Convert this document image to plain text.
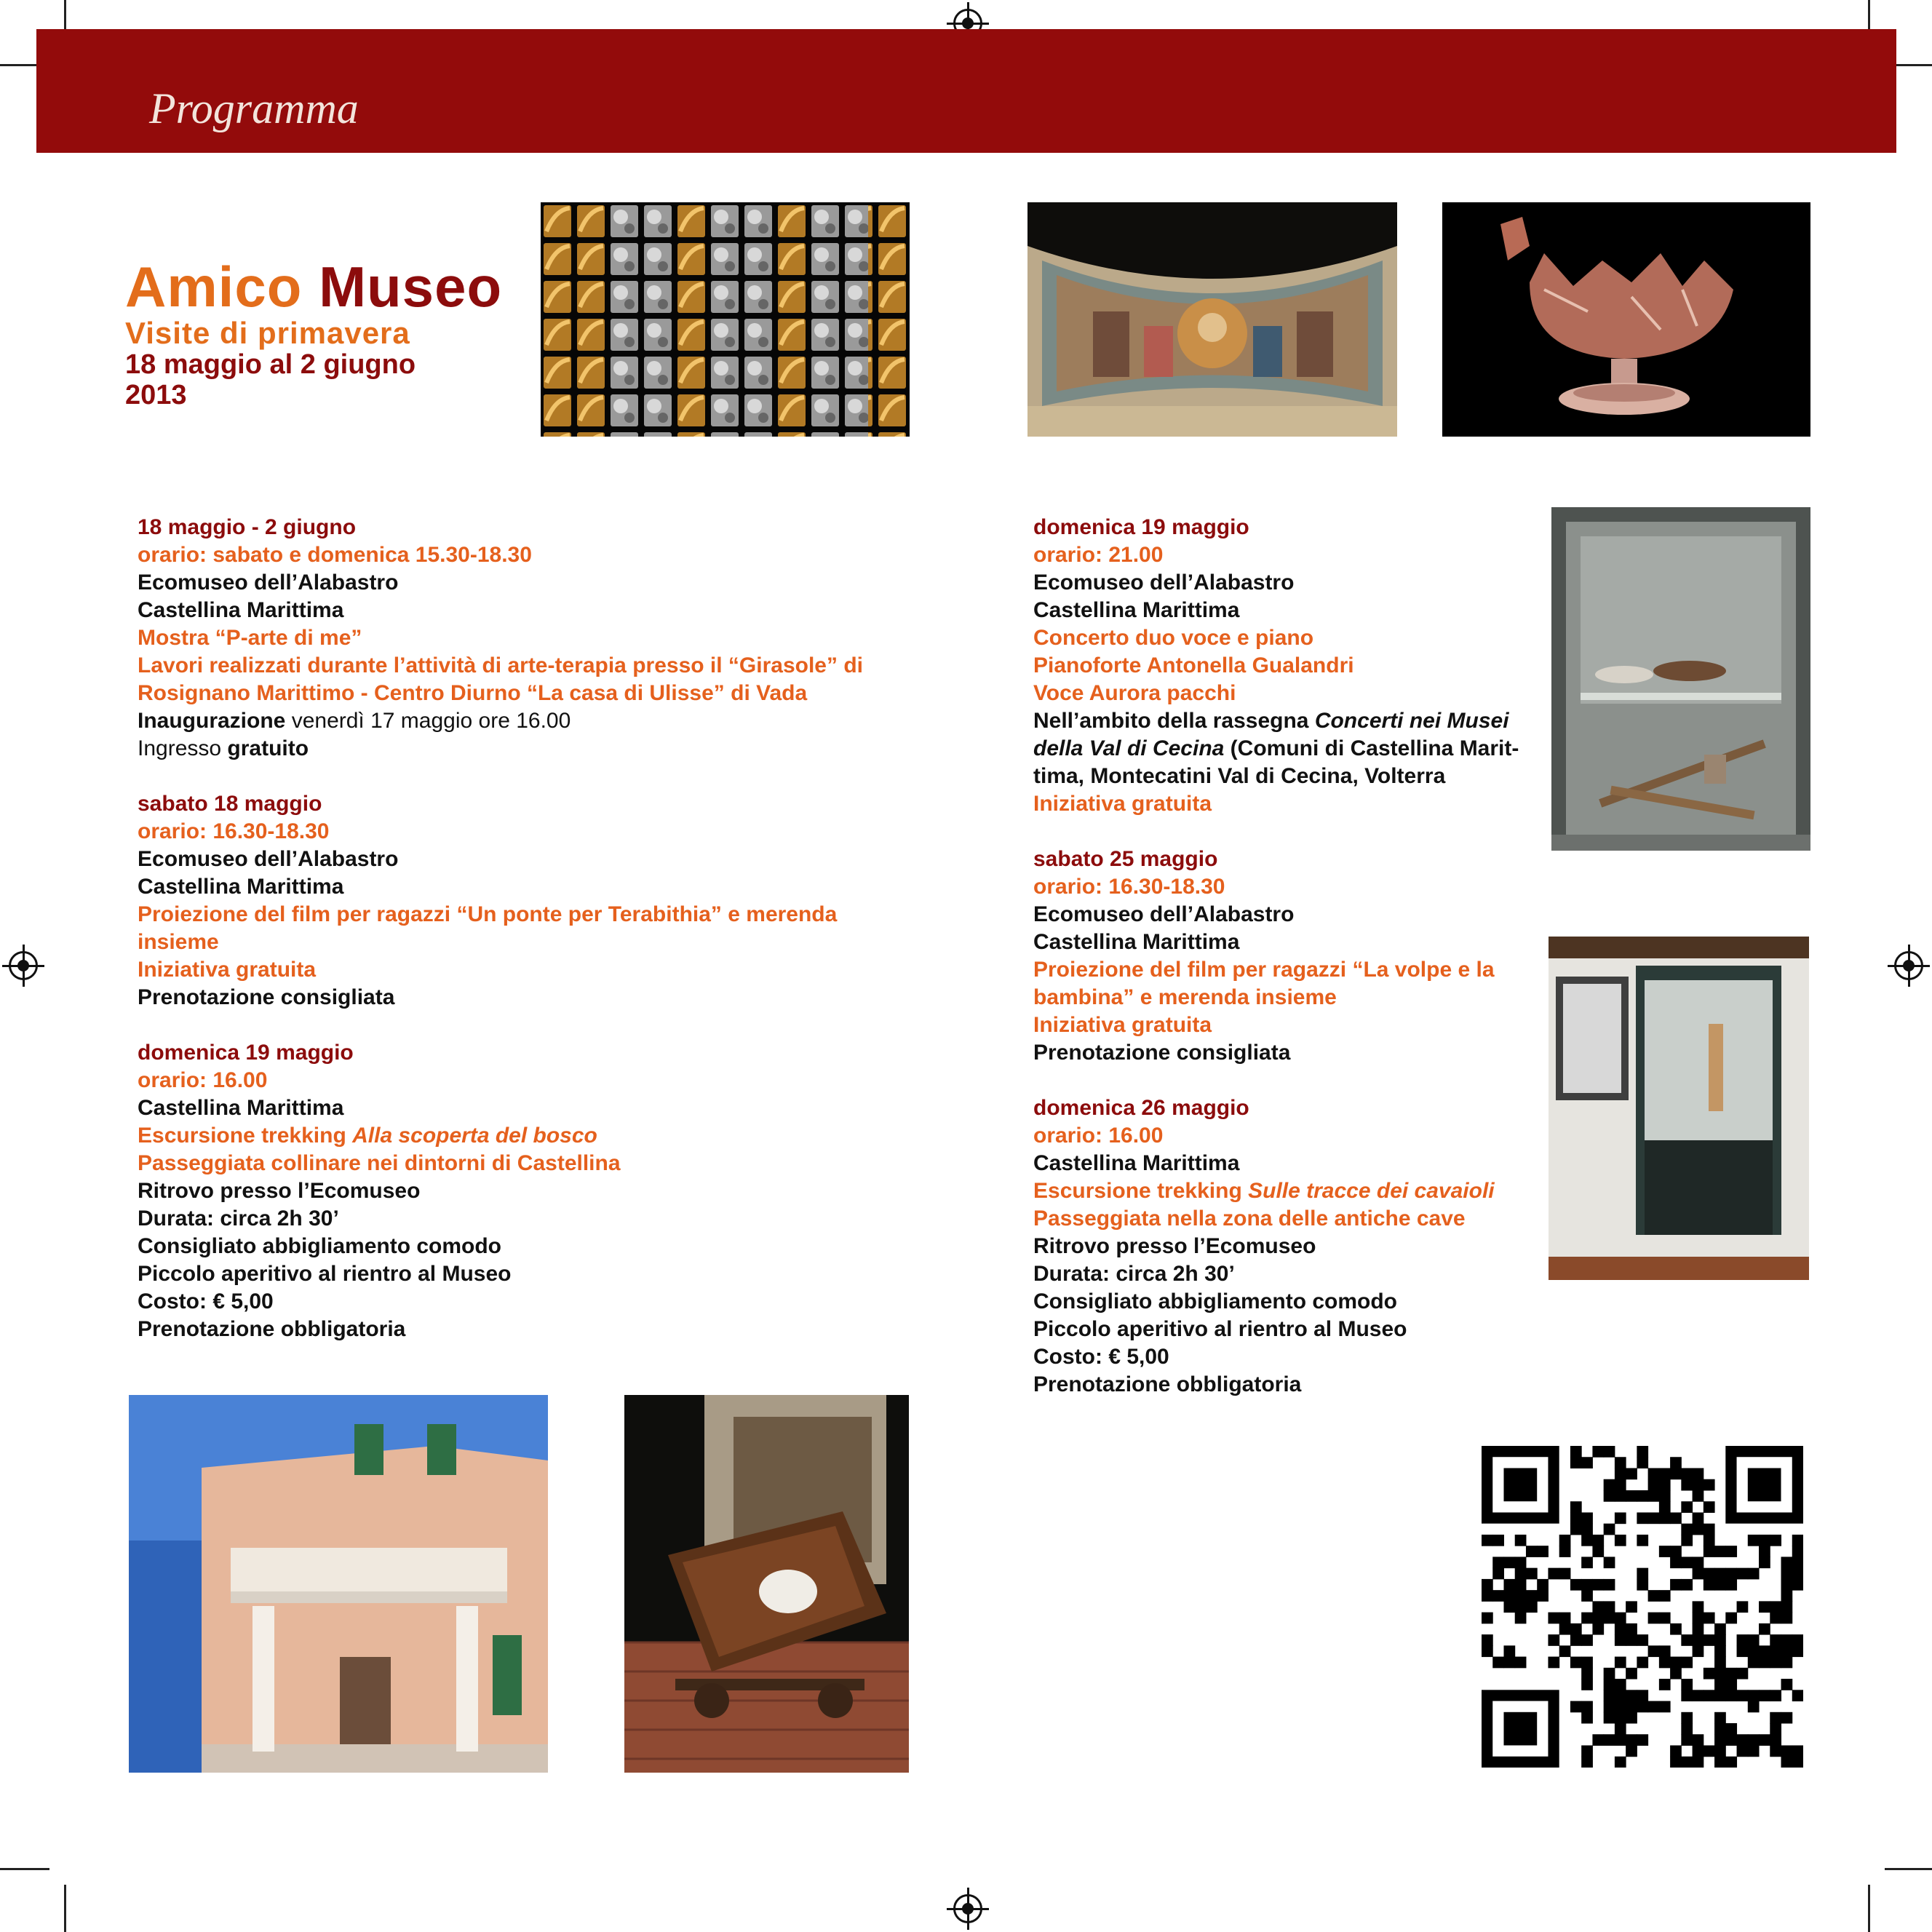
Programma
Amico Museo
Visite di primavera
18 maggio al 2 giugno
2013
18 maggio - 2 giugno
orario: sabato e domenica 15.30-18.30
Ecomuseo dell’Alabastro
Castellina Marittima
Mostra “P-arte di me”
Lavori realizzati durante l’attività di arte-terapia presso il “Girasole” di
Rosignano Marittimo - Centro Diurno “La casa di Ulisse” di Vada
Inaugurazione venerdì 17 maggio ore 16.00
Ingresso gratuito
sabato 18 maggio
orario: 16.30-18.30
Ecomuseo dell’Alabastro
Castellina Marittima
Proiezione del film per ragazzi “Un ponte per Terabithia” e merenda
insieme
Iniziativa gratuita
Prenotazione consigliata
domenica 19 maggio
orario: 16.00
Castellina Marittima
Escursione trekking Alla scoperta del bosco
Passeggiata collinare nei dintorni di Castellina
Ritrovo presso l’Ecomuseo
Durata: circa 2h 30’
Consigliato abbigliamento comodo
Piccolo aperitivo al rientro al Museo
Costo: € 5,00
Prenotazione obbligatoria
domenica 19 maggio
orario: 21.00
Ecomuseo dell’Alabastro
Castellina Marittima
Concerto duo voce e piano
Pianoforte Antonella Gualandri
Voce Aurora pacchi
Nell’ambito della rassegna Concerti nei Musei
della Val di Cecina (Comuni di Castellina Marit-
tima, Montecatini Val di Cecina, Volterra
Iniziativa gratuita
sabato 25 maggio
orario: 16.30-18.30
Ecomuseo dell’Alabastro
Castellina Marittima
Proiezione del film per ragazzi “La volpe e la
bambina” e merenda insieme
Iniziativa gratuita
Prenotazione consigliata
domenica 26 maggio
orario: 16.00
Castellina Marittima
Escursione trekking Sulle tracce dei cavaioli
Passeggiata nella zona delle antiche cave
Ritrovo presso l’Ecomuseo
Durata: circa 2h 30’
Consigliato abbigliamento comodo
Piccolo aperitivo al rientro al Museo
Costo: € 5,00
Prenotazione obbligatoria
